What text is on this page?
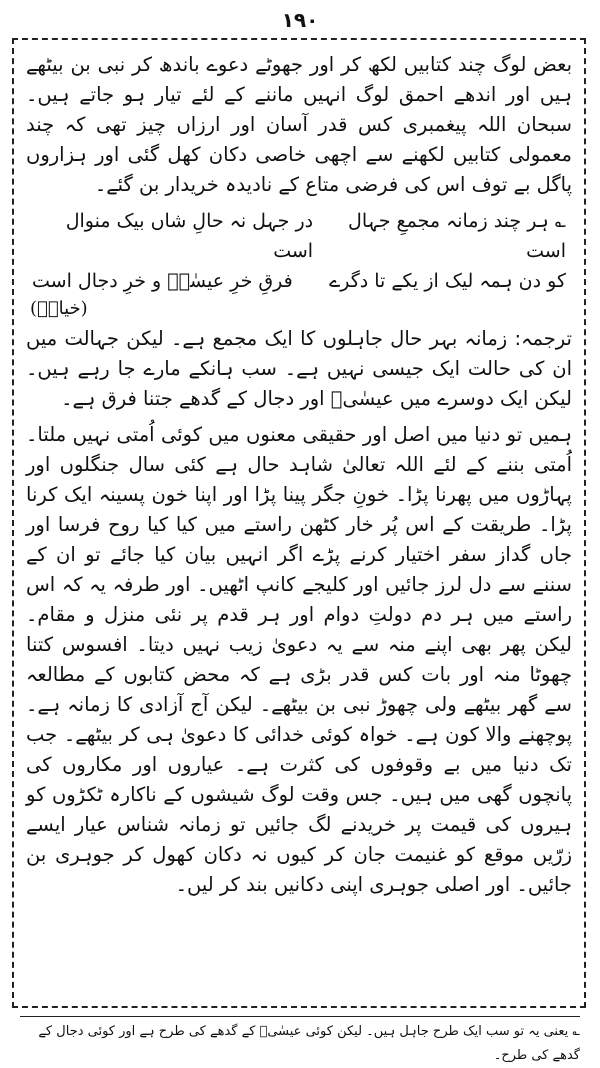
۱۹۰

بعض لوگ چند کتابیں لکھ کر اور جھوٹے دعوے باندھ کر نبی بن بیٹھے ہیں اور اندھے احمق لوگ انہیں ماننے کے لئے تیار ہو جاتے ہیں۔ سبحان اللہ پیغمبری کس قدر آسان اور ارزاں چیز تھی کہ چند معمولی کتابیں لکھنے سے اچھی خاصی دکان کھل گئی اور ہزاروں پاگل بے توف اس کی فرضی متاع کے نادیدہ خریدار بن گئے۔

؎ ہر چند زمانہ مجمعِ جہال است
در جہل نہ حالِ شاں بیک منوال است
کو دن ہمہ لیک از یکے تا دگرے
فرقِ خرِ عیسٰیؑ و خرِ دجال است
(خیامؔ)

ترجمہ: زمانہ بہر حال جاہلوں کا ایک مجمع ہے۔ لیکن جہالت میں ان کی حالت ایک جیسی نہیں ہے۔ سب ہانکے مارے جا رہے ہیں۔ لیکن ایک دوسرے میں عیسٰیؑ اور دجال کے گدھے جتنا فرق ہے۔

ہمیں تو دنیا میں اصل اور حقیقی معنوں میں کوئی اُمتی نہیں ملتا۔ اُمتی بننے کے لئے اللہ تعالیٰ شاہد حال ہے کئی سال جنگلوں اور پہاڑوں میں پھرنا پڑا۔ خونِ جگر پینا پڑا اور اپنا خون پسینہ ایک کرنا پڑا۔ طریقت کے اس پُر خار کٹھن راستے میں کیا کیا روح فرسا اور جاں گداز سفر اختیار کرنے پڑے اگر انہیں بیان کیا جائے تو ان کے سننے سے دل لرز جائیں اور کلیجے کانپ اٹھیں۔ اور طرفہ یہ کہ اس راستے میں ہر دم دولتِ دوام اور ہر قدم پر نئی منزل و مقام۔ لیکن پھر بھی اپنے منہ سے یہ دعویٰ زیب نہیں دیتا۔ افسوس کتنا چھوٹا منہ اور بات کس قدر بڑی ہے کہ محض کتابوں کے مطالعہ سے گھر بیٹھے ولی چھوڑ نبی بن بیٹھے۔ لیکن آج آزادی کا زمانہ ہے۔ پوچھنے والا کون ہے۔ خواہ کوئی خدائی کا دعویٰ ہی کر بیٹھے۔ جب تک دنیا میں بے وقوفوں کی کثرت ہے۔ عیاروں اور مکاروں کی پانچوں گھی میں ہیں۔ جس وقت لوگ شیشوں کے ناکارہ ٹکڑوں کو ہیروں کی قیمت پر خریدنے لگ جائیں تو زمانہ شناس عیار ایسے زرّیں موقع کو غنیمت جان کر کیوں نہ دکان کھول کر جوہری بن جائیں۔ اور اصلی جوہری اپنی دکانیں بند کر لیں۔

؎ یعنی یہ تو سب ایک طرح جاہل ہیں۔ لیکن کوئی عیسٰیؑ کے گدھے کی طرح ہے اور کوئی دجال کے گدھے کی طرح۔
